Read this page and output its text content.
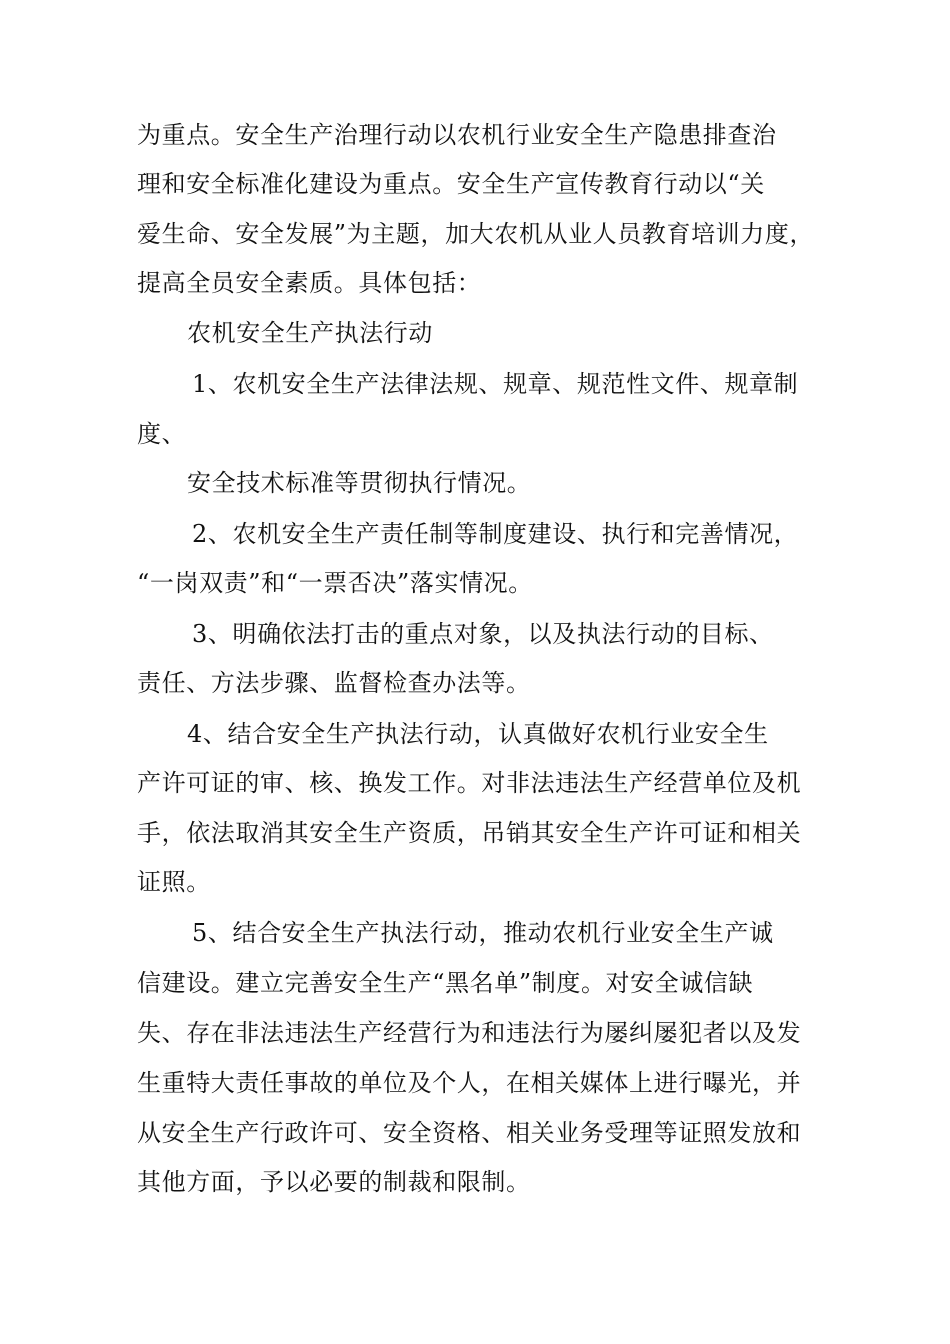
为重点。安全生产治理行动以农机行业安全生产隐患排查治
理和安全标准化建设为重点。安全生产宣传教育行动以“关
爱生命、安全发展”为主题，加大农机从业人员教育培训力度，
提高全员安全素质。具体包括：
农机安全生产执法行动
1、农机安全生产法律法规、规章、规范性文件、规章制
度、
安全技术标准等贯彻执行情况。
2、农机安全生产责任制等制度建设、执行和完善情况，
“一岗双责”和“一票否决”落实情况。
3、明确依法打击的重点对象，以及执法行动的目标、
责任、方法步骤、监督检查办法等。
4、结合安全生产执法行动，认真做好农机行业安全生
产许可证的审、核、换发工作。对非法违法生产经营单位及机
手，依法取消其安全生产资质，吊销其安全生产许可证和相关
证照。
5、结合安全生产执法行动，推动农机行业安全生产诚
信建设。建立完善安全生产“黑名单”制度。对安全诚信缺
失、存在非法违法生产经营行为和违法行为屡纠屡犯者以及发
生重特大责任事故的单位及个人，在相关媒体上进行曝光，并
从安全生产行政许可、安全资格、相关业务受理等证照发放和
其他方面，予以必要的制裁和限制。
